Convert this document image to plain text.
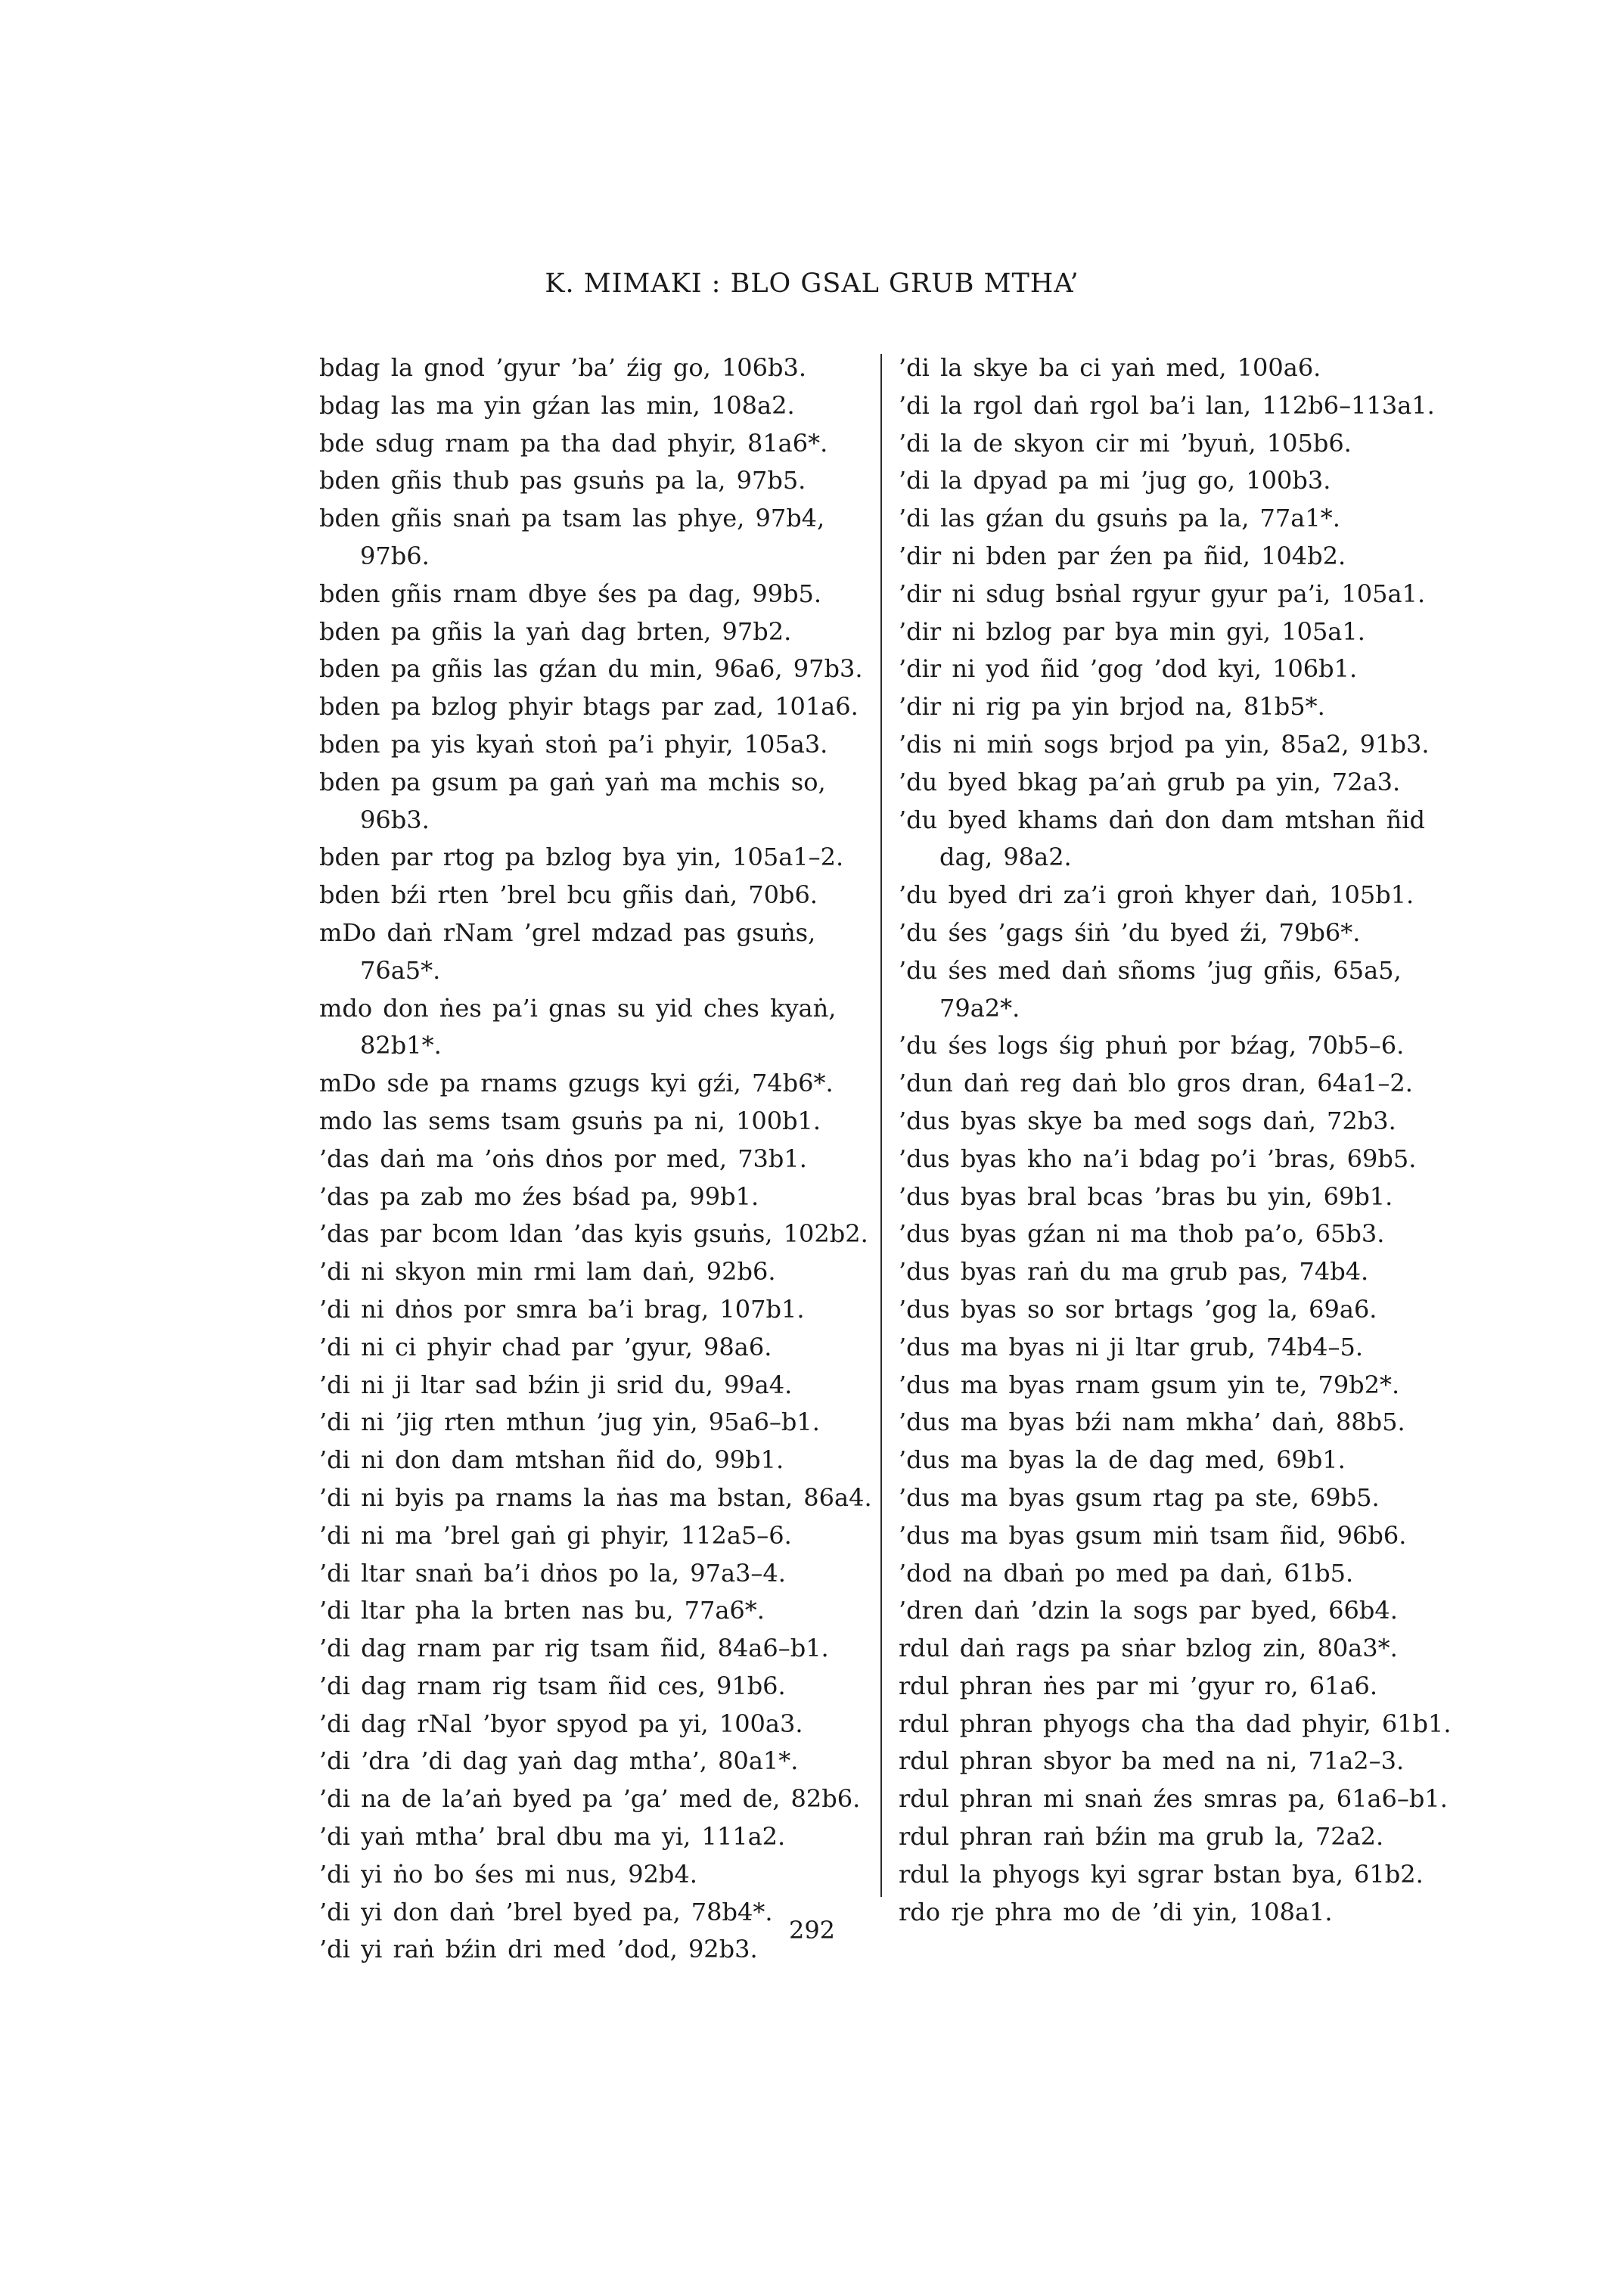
K. MIMAKI : BLO GSAL GRUB MTHA’
bdag la gnod ’gyur ’ba’ źig go, 106b3.
bdag las ma yin gźan las min, 108a2.
bde sdug rnam pa tha dad phyir, 81a6*.
bden gñis thub pas gsuṅs pa la, 97b5.
bden gñis snaṅ pa tsam las phye, 97b4, 97b6.
bden gñis rnam dbye śes pa dag, 99b5.
bden pa gñis la yaṅ dag brten, 97b2.
bden pa gñis las gźan du min, 96a6, 97b3.
bden pa bzlog phyir btags par zad, 101a6.
bden pa yis kyaṅ stoṅ pa’i phyir, 105a3.
bden pa gsum pa gaṅ yaṅ ma mchis so, 96b3.
bden par rtog pa bzlog bya yin, 105a1–2.
bden bźi rten ’brel bcu gñis daṅ, 70b6.
mDo daṅ rNam ’grel mdzad pas gsuṅs, 76a5*.
mdo don ṅes pa’i gnas su yid ches kyaṅ, 82b1*.
mDo sde pa rnams gzugs kyi gźi, 74b6*.
mdo las sems tsam gsuṅs pa ni, 100b1.
’das daṅ ma ’oṅs dṅos por med, 73b1.
’das pa zab mo źes bśad pa, 99b1.
’das par bcom ldan ’das kyis gsuṅs, 102b2.
’di ni skyon min rmi lam daṅ, 92b6.
’di ni dṅos por smra ba’i brag, 107b1.
’di ni ci phyir chad par ’gyur, 98a6.
’di ni ji ltar sad bźin ji srid du, 99a4.
’di ni ’jig rten mthun ’jug yin, 95a6–b1.
’di ni don dam mtshan ñid do, 99b1.
’di ni byis pa rnams la ṅas ma bstan, 86a4.
’di ni ma ’brel gaṅ gi phyir, 112a5–6.
’di ltar snaṅ ba’i dṅos po la, 97a3–4.
’di ltar pha la brten nas bu, 77a6*.
’di dag rnam par rig tsam ñid, 84a6–b1.
’di dag rnam rig tsam ñid ces, 91b6.
’di dag rNal ’byor spyod pa yi, 100a3.
’di ’dra ’di dag yaṅ dag mtha’, 80a1*.
’di na de la’aṅ byed pa ’ga’ med de, 82b6.
’di yaṅ mtha’ bral dbu ma yi, 111a2.
’di yi ṅo bo śes mi nus, 92b4.
’di yi don daṅ ’brel byed pa, 78b4*.
’di yi raṅ bźin dri med ’dod, 92b3.
’di la skye ba ci yaṅ med, 100a6.
’di la rgol daṅ rgol ba’i lan, 112b6–113a1.
’di la de skyon cir mi ’byuṅ, 105b6.
’di la dpyad pa mi ’jug go, 100b3.
’di las gźan du gsuṅs pa la, 77a1*.
’dir ni bden par źen pa ñid, 104b2.
’dir ni sdug bsṅal rgyur gyur pa’i, 105a1.
’dir ni bzlog par bya min gyi, 105a1.
’dir ni yod ñid ’gog ’dod kyi, 106b1.
’dir ni rig pa yin brjod na, 81b5*.
’dis ni miṅ sogs brjod pa yin, 85a2, 91b3.
’du byed bkag pa’aṅ grub pa yin, 72a3.
’du byed khams daṅ don dam mtshan ñid dag, 98a2.
’du byed dri za’i groṅ khyer daṅ, 105b1.
’du śes ’gags śiṅ ’du byed źi, 79b6*.
’du śes med daṅ sñoms ’jug gñis, 65a5, 79a2*.
’du śes logs śig phuṅ por bźag, 70b5–6.
’dun daṅ reg daṅ blo gros dran, 64a1–2.
’dus byas skye ba med sogs daṅ, 72b3.
’dus byas kho na’i bdag po’i ’bras, 69b5.
’dus byas bral bcas ’bras bu yin, 69b1.
’dus byas gźan ni ma thob pa’o, 65b3.
’dus byas raṅ du ma grub pas, 74b4.
’dus byas so sor brtags ’gog la, 69a6.
’dus ma byas ni ji ltar grub, 74b4–5.
’dus ma byas rnam gsum yin te, 79b2*.
’dus ma byas bźi nam mkha’ daṅ, 88b5.
’dus ma byas la de dag med, 69b1.
’dus ma byas gsum rtag pa ste, 69b5.
’dus ma byas gsum miṅ tsam ñid, 96b6.
’dod na dbaṅ po med pa daṅ, 61b5.
’dren daṅ ’dzin la sogs par byed, 66b4.
rdul daṅ rags pa sṅar bzlog zin, 80a3*.
rdul phran ṅes par mi ’gyur ro, 61a6.
rdul phran phyogs cha tha dad phyir, 61b1.
rdul phran sbyor ba med na ni, 71a2–3.
rdul phran mi snaṅ źes smras pa, 61a6–b1.
rdul phran raṅ bźin ma grub la, 72a2.
rdul la phyogs kyi sgrar bstan bya, 61b2.
rdo rje phra mo de ’di yin, 108a1.
292
